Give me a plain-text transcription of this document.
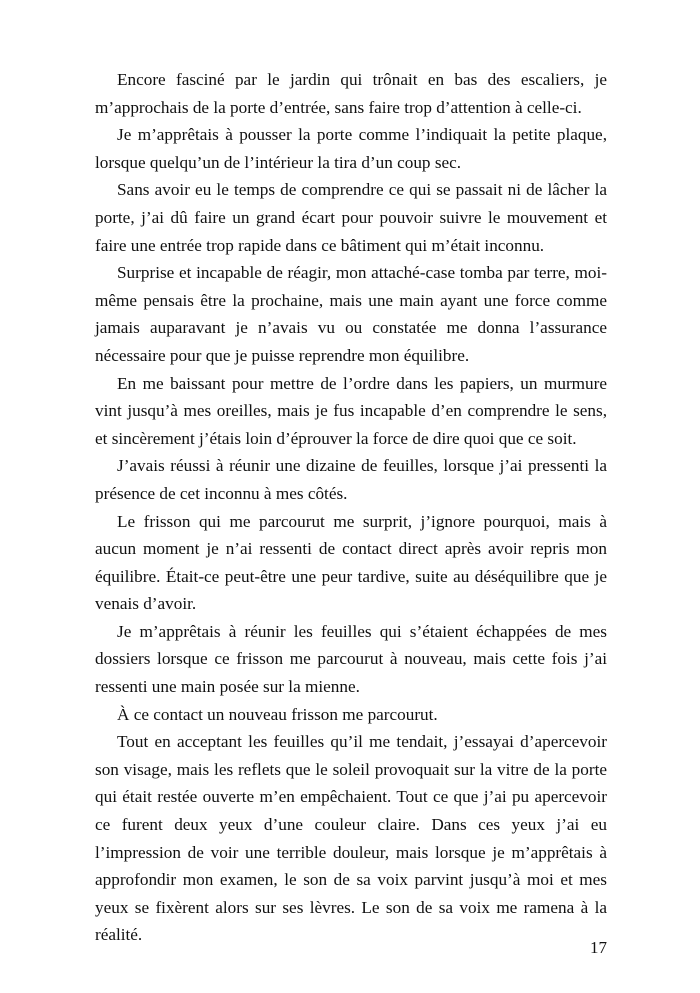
Encore fasciné par le jardin qui trônait en bas des escaliers, je m’approchais de la porte d’entrée, sans faire trop d’attention à celle-ci.

Je m’apprêtais à pousser la porte comme l’indiquait la petite plaque, lorsque quelqu’un de l’intérieur la tira d’un coup sec.

Sans avoir eu le temps de comprendre ce qui se passait ni de lâcher la porte, j’ai dû faire un grand écart pour pouvoir suivre le mouvement et faire une entrée trop rapide dans ce bâtiment qui m’était inconnu.

Surprise et incapable de réagir, mon attaché-case tomba par terre, moi-même pensais être la prochaine, mais une main ayant une force comme jamais auparavant je n’avais vu ou constatée me donna l’assurance nécessaire pour que je puisse reprendre mon équilibre.

En me baissant pour mettre de l’ordre dans les papiers, un murmure vint jusqu’à mes oreilles, mais je fus incapable d’en comprendre le sens, et sincèrement j’étais loin d’éprouver la force de dire quoi que ce soit.

J’avais réussi à réunir une dizaine de feuilles, lorsque j’ai pressenti la présence de cet inconnu à mes côtés.

Le frisson qui me parcourut me surprit, j’ignore pourquoi, mais à aucun moment je n’ai ressenti de contact direct après avoir repris mon équilibre. Était-ce peut-être une peur tardive, suite au déséquilibre que je venais d’avoir.

Je m’apprêtais à réunir les feuilles qui s’étaient échappées de mes dossiers lorsque ce frisson me parcourut à nouveau, mais cette fois j’ai ressenti une main posée sur la mienne.

À ce contact un nouveau frisson me parcourut.

Tout en acceptant les feuilles qu’il me tendait, j’essayai d’apercevoir son visage, mais les reflets que le soleil provoquait sur la vitre de la porte qui était restée ouverte m’en empêchaient. Tout ce que j’ai pu apercevoir ce furent deux yeux d’une couleur claire. Dans ces yeux j’ai eu l’impression de voir une terrible douleur, mais lorsque je m’apprêtais à approfondir mon examen, le son de sa voix parvint jusqu’à moi et mes yeux se fixèrent alors sur ses lèvres. Le son de sa voix me ramena à la réalité.

17
